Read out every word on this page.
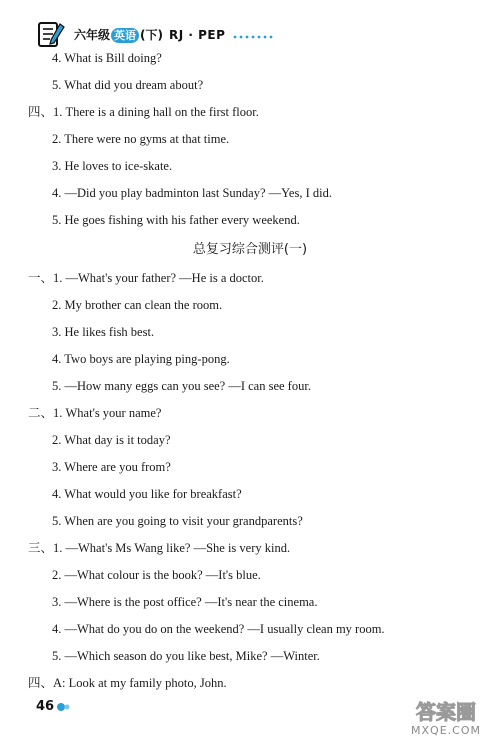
六年级 英语 (下) RJ · PEP
4. What is Bill doing?
5. What did you dream about?
四、1. There is a dining hall on the first floor.
2. There were no gyms at that time.
3. He loves to ice-skate.
4. —Did you play badminton last Sunday? —Yes, I did.
5. He goes fishing with his father every weekend.
总复习综合测评(一)
一、1. —What's your father? —He is a doctor.
2. My brother can clean the room.
3. He likes fish best.
4. Two boys are playing ping-pong.
5. —How many eggs can you see? —I can see four.
二、1. What's your name?
2. What day is it today?
3. Where are you from?
4. What would you like for breakfast?
5. When are you going to visit your grandparents?
三、1. —What's Ms Wang like? —She is very kind.
2. —What colour is the book? —It's blue.
3. —Where is the post office? —It's near the cinema.
4. —What do you do on the weekend? —I usually clean my room.
5. —Which season do you like best, Mike? —Winter.
四、A: Look at my family photo, John.
46	答案圈
MXQE.COM
